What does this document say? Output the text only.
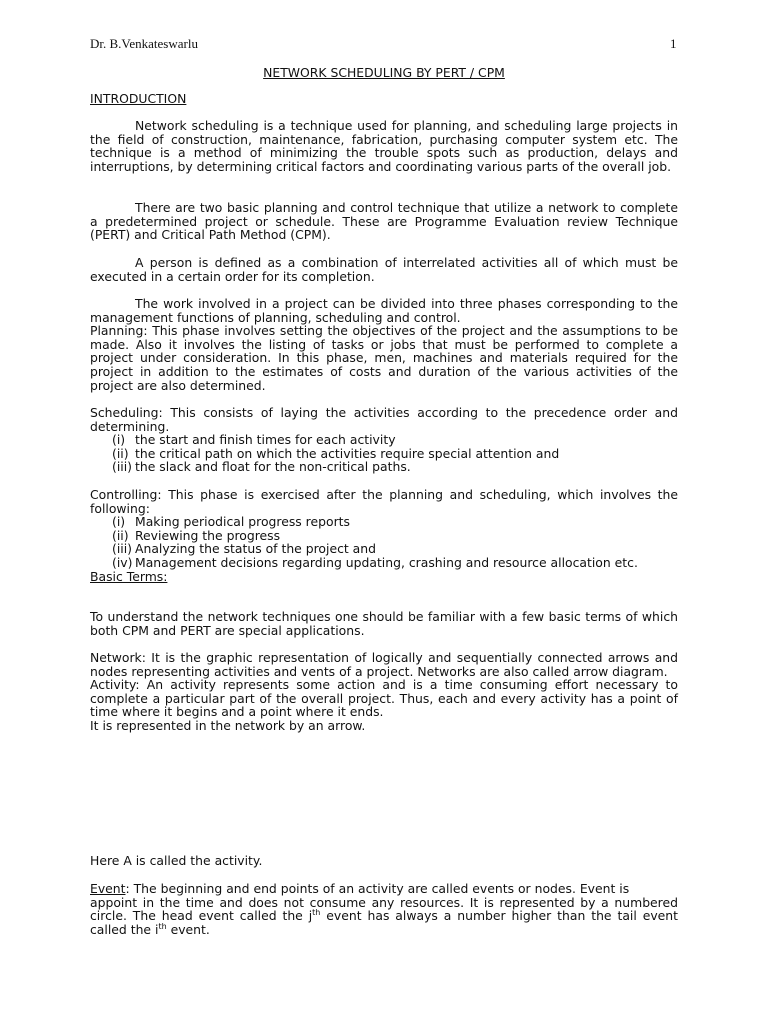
Dr. B.Venkateswarlu	1
NETWORK SCHEDULING BY PERT / CPM
INTRODUCTION

Network scheduling is a technique used for planning, and scheduling large projects in the field of construction, maintenance, fabrication, purchasing computer system etc. The technique is a method of minimizing the trouble spots such as production, delays and interruptions, by determining critical factors and coordinating various parts of the overall job.

There are two basic planning and control technique that utilize a network to complete a predetermined project or schedule. These are Programme Evaluation review Technique (PERT) and Critical Path Method (CPM).

A person is defined as a combination of interrelated activities all of which must be executed in a certain order for its completion.

The work involved in a project can be divided into three phases corresponding to the management functions of planning, scheduling and control.

Planning: This phase involves setting the objectives of the project and the assumptions to be made. Also it involves the listing of tasks or jobs that must be performed to complete a project under consideration. In this phase, men, machines and materials required for the project in addition to the estimates of costs and duration of the various activities of the project are also determined.

Scheduling: This consists of laying the activities according to the precedence order and determining.

(i) the start and finish times for each activity
(ii) the critical path on which the activities require special attention and
(iii) the slack and float for the non-critical paths.

Controlling: This phase is exercised after the planning and scheduling, which involves the following:

(i) Making periodical progress reports
(ii) Reviewing the progress
(iii) Analyzing the status of the project and
(iv) Management decisions regarding updating, crashing and resource allocation etc.

Basic Terms:

To understand the network techniques one should be familiar with a few basic terms of which both CPM and PERT are special applications.

Network: It is the graphic representation of logically and sequentially connected arrows and nodes representing activities and vents of a project. Networks are also called arrow diagram.

Activity: An activity represents some action and is a time consuming effort necessary to complete a particular part of the overall project. Thus, each and every activity has a point of time where it begins and a point where it ends.

It is represented in the network by an arrow.

Here A is called the activity.

Event: The beginning and end points of an activity are called events or nodes. Event is

appoint in the time and does not consume any resources. It is represented by a numbered circle. The head event called the $j^{th}$ event has always a number higher than the tail event called the $i^{th}$ event.
